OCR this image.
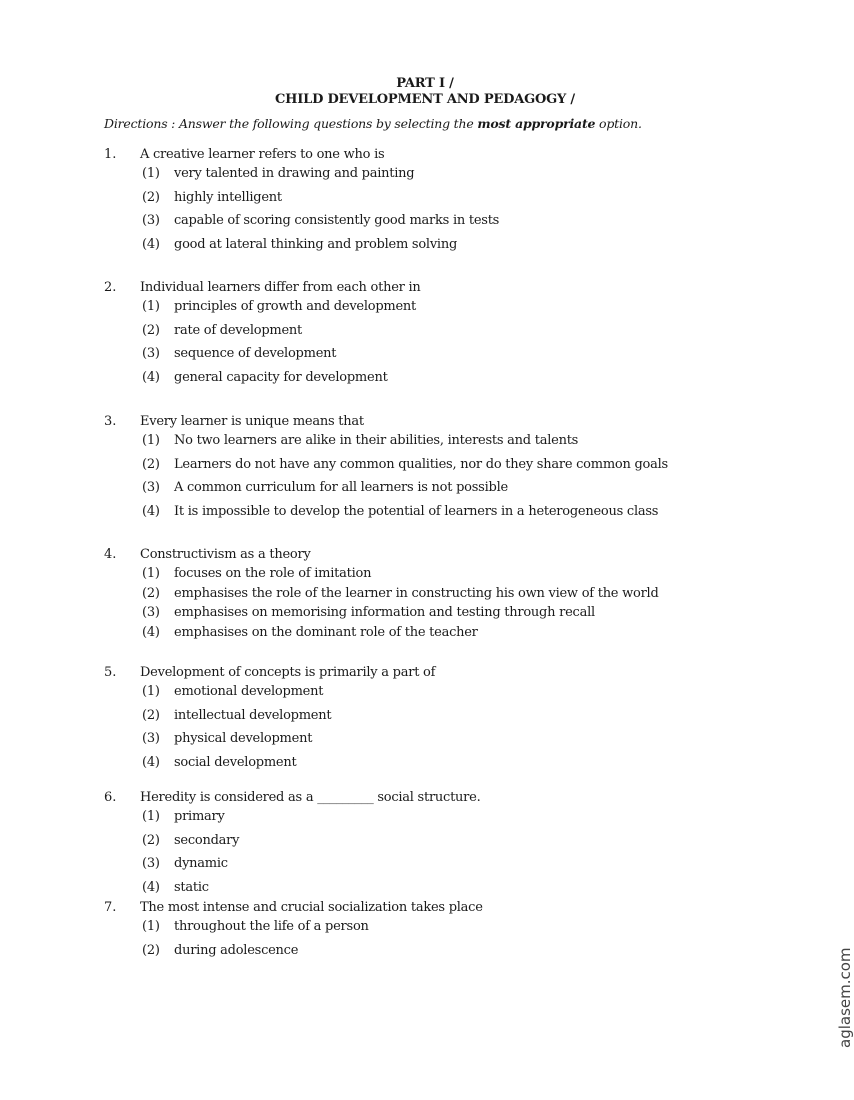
PART I /
CHILD DEVELOPMENT AND PEDAGOGY /
Directions : Answer the following questions by selecting the most appropriate option.
1.	A creative learner refers to one who is
(1) very talented in drawing and painting
(2) highly intelligent
(3) capable of scoring consistently good marks in tests
(4) good at lateral thinking and problem solving
2.	Individual learners differ from each other in
(1) principles of growth and development
(2) rate of development
(3) sequence of development
(4) general capacity for development
3.	Every learner is unique means that
(1) No two learners are alike in their abilities, interests and talents
(2) Learners do not have any common qualities, nor do they share common goals
(3) A common curriculum for all learners is not possible
(4) It is impossible to develop the potential of learners in a heterogeneous class
4.	Constructivism as a theory
(1) focuses on the role of imitation
(2) emphasises the role of the learner in constructing his own view of the world
(3) emphasises on memorising information and testing through recall
(4) emphasises on the dominant role of the teacher
5.	Development of concepts is primarily a part of
(1) emotional development
(2) intellectual development
(3) physical development
(4) social development
6.	Heredity is considered as a _________ social structure.
(1) primary
(2) secondary
(3) dynamic
(4) static
7.	The most intense and crucial socialization takes place
(1) throughout the life of a person
(2) during adolescence	aglasem.com
